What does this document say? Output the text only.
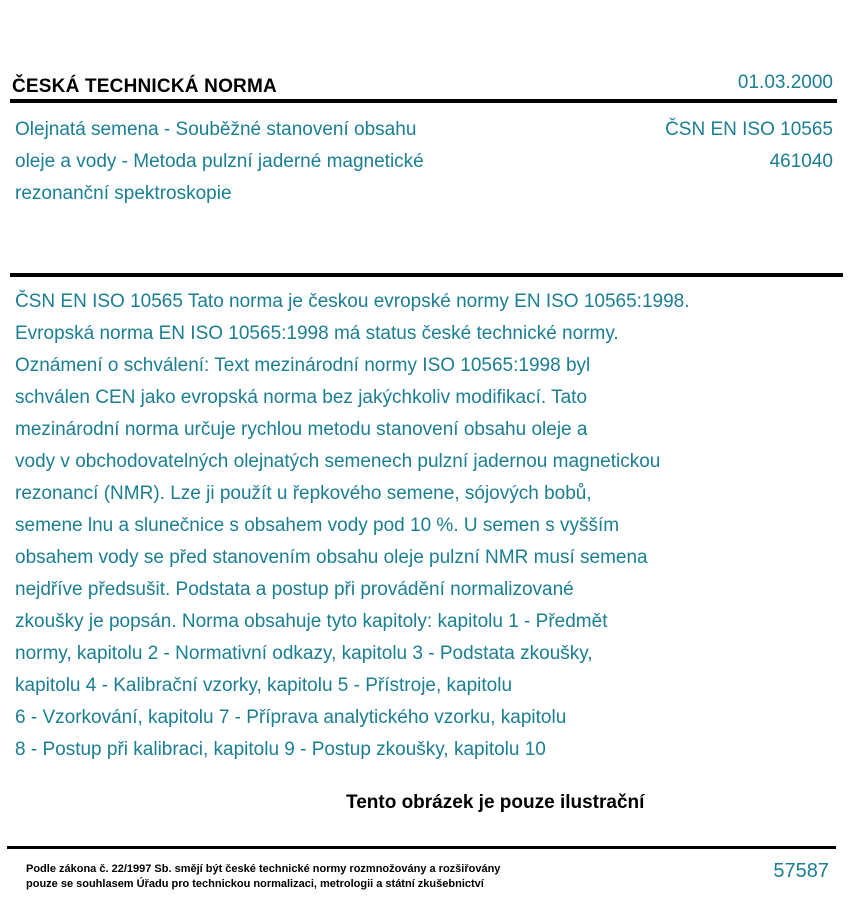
ČESKÁ TECHNICKÁ NORMA	01.03.2000
Olejnatá semena - Souběžné stanovení obsahu
oleje a vody - Metoda pulzní jaderné magnetické
rezonanční spektroskopie
ČSN EN ISO 10565
461040
ČSN EN ISO 10565 Tato norma je českou evropské normy EN ISO 10565:1998.
Evropská norma EN ISO 10565:1998 má status české technické normy.
Oznámení o schválení: Text mezinárodní normy ISO 10565:1998 byl
schválen CEN jako evropská norma bez jakýchkoliv modifikací. Tato
mezinárodní norma určuje rychlou metodu stanovení obsahu oleje a
vody v obchodovatelných olejnatých semenech pulzní jadernou magnetickou
rezonancí (NMR). Lze ji použít u řepkového semene, sójových bobů,
semene lnu a slunečnice s obsahem vody pod 10 %. U semen s vyšším
obsahem vody se před stanovením obsahu oleje pulzní NMR musí semena
nejdříve předsušit. Podstata a postup při provádění normalizované
zkoušky je popsán. Norma obsahuje tyto kapitoly: kapitolu 1 - Předmět
normy, kapitolu 2 - Normativní odkazy, kapitolu 3 - Podstata zkoušky,
kapitolu 4 - Kalibrační vzorky, kapitolu 5 - Přístroje, kapitolu
6 - Vzorkování, kapitolu 7 - Příprava analytického vzorku, kapitolu
8 - Postup při kalibraci, kapitolu 9 - Postup zkoušky, kapitolu 10
Tento obrázek je pouze ilustrační
Podle zákona č. 22/1997 Sb. smějí být české technické normy rozmnožovány a rozšiřovány
pouze se souhlasem Úřadu pro technickou normalizaci, metrologii a státní zkušebnictví
57587
